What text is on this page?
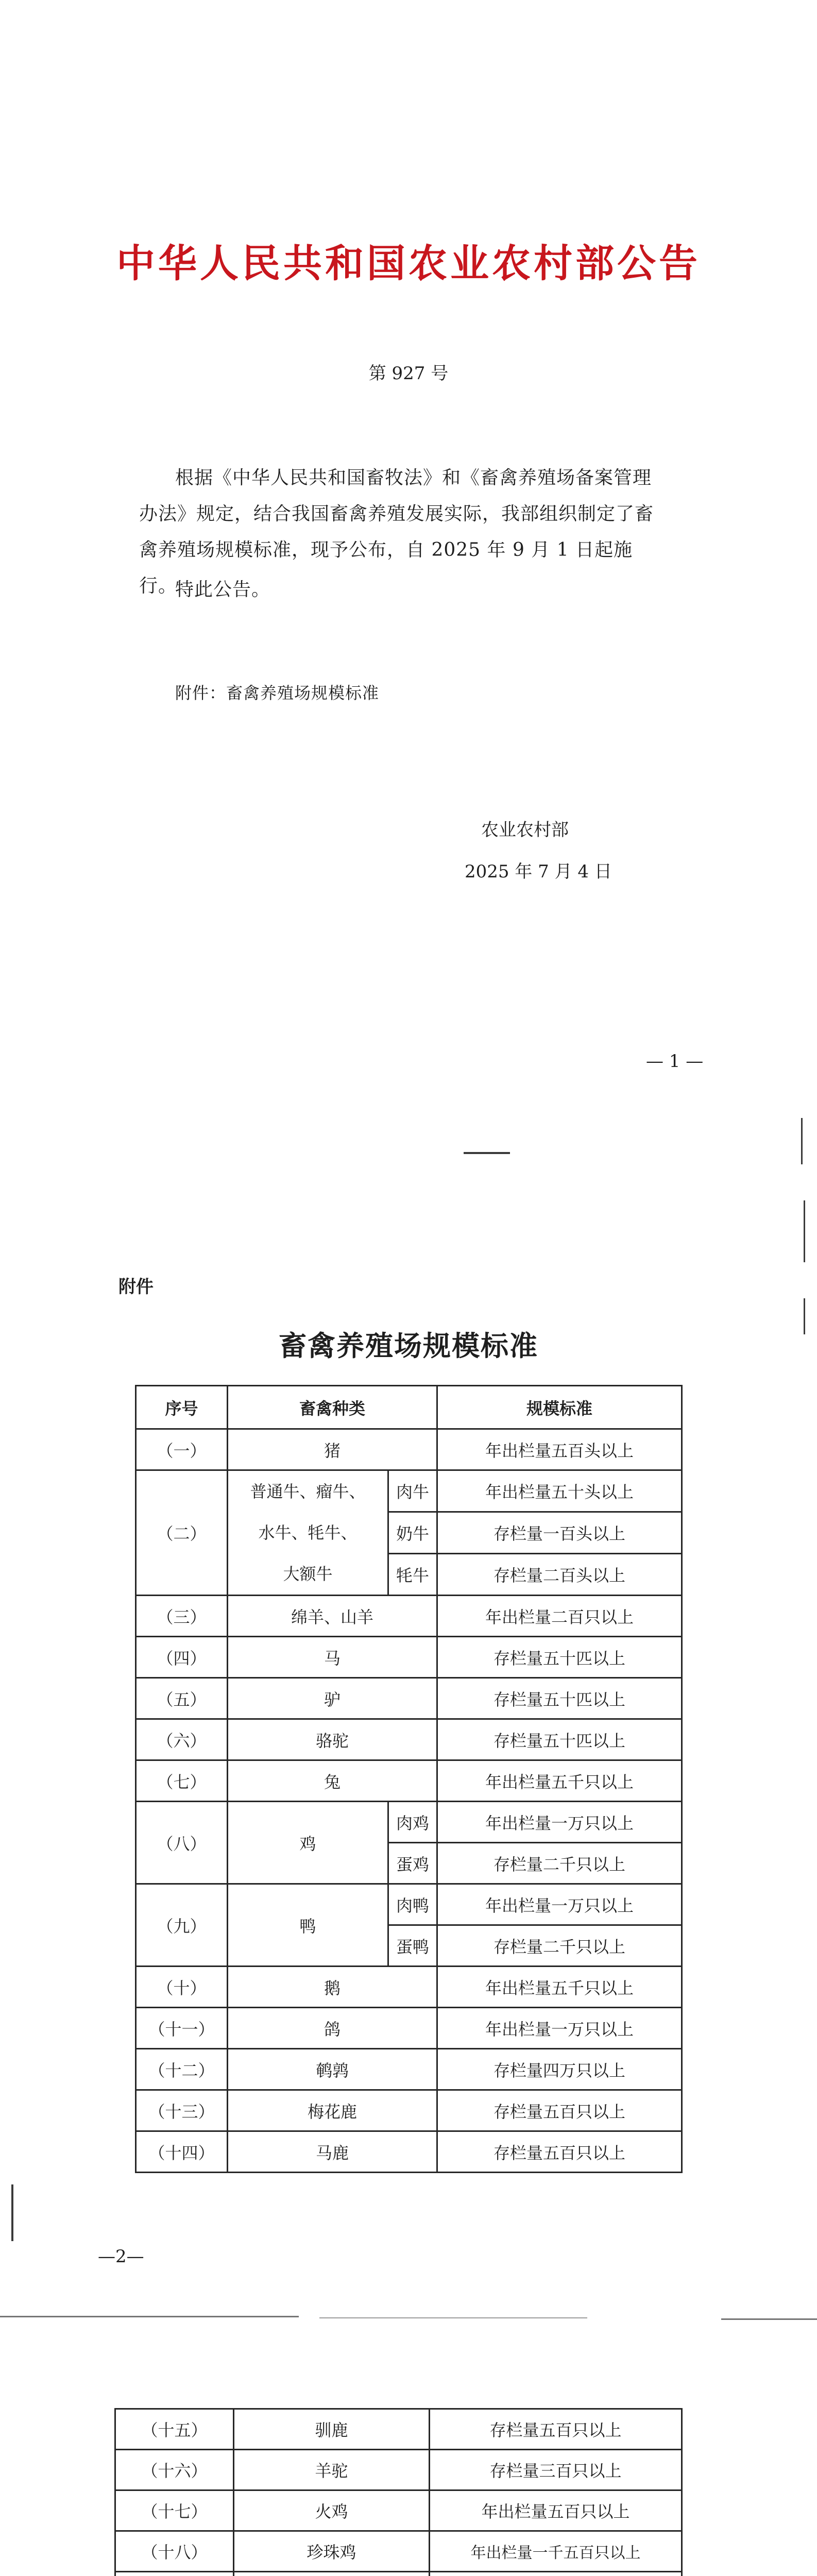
中华人民共和国农业农村部公告
第 927 号
根据《中华人民共和国畜牧法》和《畜禽养殖场备案管理办法》规定，结合我国畜禽养殖发展实际，我部组织制定了畜禽养殖场规模标准，现予公布，自 2025 年 9 月 1 日起施行。
特此公告。
附件：畜禽养殖场规模标准
农业农村部
2025 年 7 月 4 日
— 1 —
附件
畜禽养殖场规模标准
序号	畜禽种类		规模标准
（一）	猪		年出栏量五百头以上
（二）	普通牛、瘤牛、
水牛、牦牛、
大额牛	肉牛	年出栏量五十头以上
		奶牛	存栏量一百头以上
		牦牛	存栏量二百头以上
（三）	绵羊、山羊		年出栏量二百只以上
（四）	马		存栏量五十匹以上
（五）	驴		存栏量五十匹以上
（六）	骆驼		存栏量五十匹以上
（七）	兔		年出栏量五千只以上
（八）	鸡	肉鸡	年出栏量一万只以上
		蛋鸡	存栏量二千只以上
（九）	鸭	肉鸭	年出栏量一万只以上
		蛋鸭	存栏量二千只以上
（十）	鹅		年出栏量五千只以上
（十一）	鸽		年出栏量一万只以上
（十二）	鹌鹑		存栏量四万只以上
（十三）	梅花鹿		存栏量五百只以上
（十四）	马鹿		存栏量五百只以上
—2—
（十五）	驯鹿	存栏量五百只以上
（十六）	羊驼	存栏量三百只以上
（十七）	火鸡	年出栏量五百只以上
（十八）	珍珠鸡	年出栏量一千五百只以上
